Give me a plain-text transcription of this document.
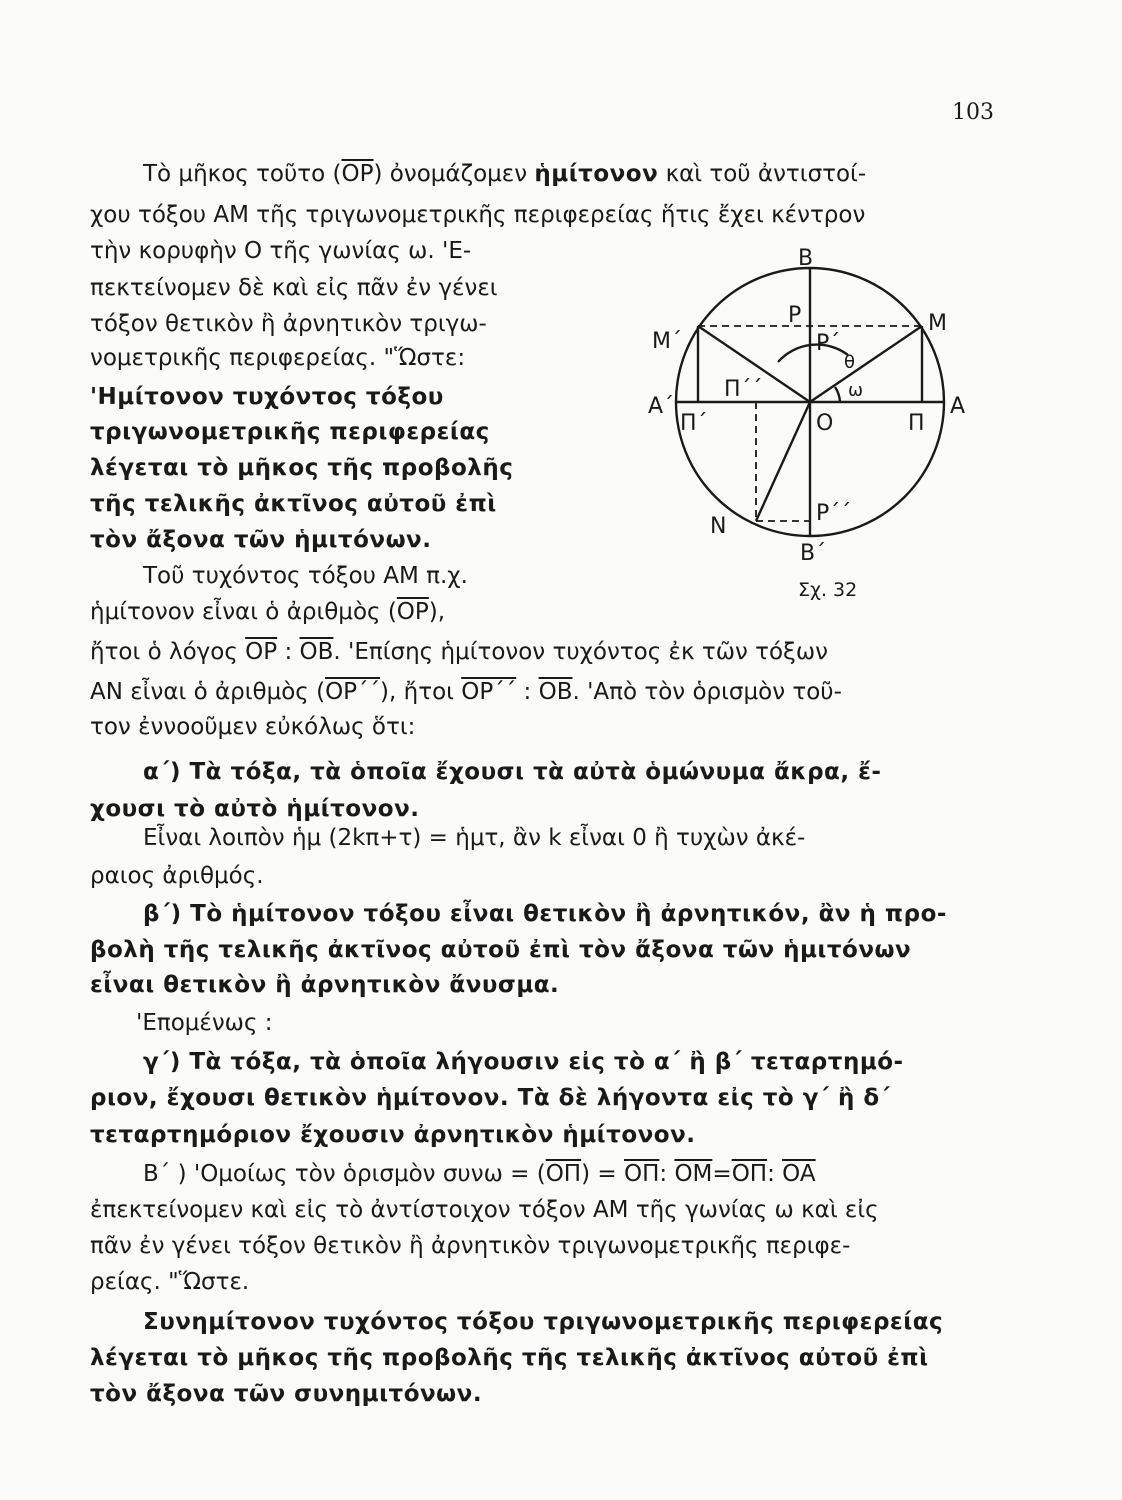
103
Τὸ μῆκος τοῦτο $(\overline{OP})$ ὀνομάζομεν ἡμίτονον καὶ τοῦ ἀντιστοί-
χου τόξου AM τῆς τριγωνομετρικῆς περιφερείας ἥτις ἔχει κέντρον
τὴν κορυφὴν O τῆς γωνίας ω. 'E-
πεκτείνομεν δὲ καὶ εἰς πᾶν ἐν γένει
τόξον θετικὸν ἢ ἀρνητικὸν τριγω-
νομετρικῆς περιφερείας. "Ὥστε:
'Ημίτονον τυχόντος τόξου
τριγωνομετρικῆς περιφερείας
λέγεται τὸ μῆκος τῆς προβολῆς
τῆς τελικῆς ἀκτῖνος αὐτοῦ ἐπὶ
τὸν ἄξονα τῶν ἡμιτόνων.
Τοῦ τυχόντος τόξου AM π.χ.
ἡμίτονον εἶναι ὁ ἀριθμὸς $(\overline{OP})$,
ἤτοι ὁ λόγος $\overline{OP}$ : $\overline{OB}$. 'Επίσης ἡμίτονον τυχόντος ἐκ τῶν τόξων
AN εἶναι ὁ ἀριθμὸς (OP΄΄), ἤτοι OP΄΄ : $\overline{OB}$. 'Aπὸ τὸν ὁρισμὸν τοῦ-
τον ἐννοοῦμεν εὐκόλως ὅτι:
α΄) Τὰ τόξα, τὰ ὁποῖα ἔχουσι τὰ αὐτὰ ὁμώνυμα ἄκρα, ἔ-
χουσι τὸ αὐτὸ ἡμίτονον.
Εἶναι λοιπὸν ἡμ (2kπ+τ) = ἡμτ, ἂν k εἶναι 0 ἢ τυχὼν ἀκέ-
ραιος ἀριθμός.
β΄) Τὸ ἡμίτονον τόξου εἶναι θετικὸν ἢ ἀρνητικόν, ἂν ἡ προ-
βολὴ τῆς τελικῆς ἀκτῖνος αὐτοῦ ἐπὶ τὸν ἄξονα τῶν ἡμιτόνων
εἶναι θετικὸν ἢ ἀρνητικὸν ἄνυσμα.
'Επομένως :
γ΄) Τὰ τόξα, τὰ ὁποῖα λήγουσιν εἰς τὸ α΄ ἢ β΄ τεταρτημό-
ριον, ἔχουσι θετικὸν ἡμίτονον. Τὰ δὲ λήγοντα εἰς τὸ γ΄ ἢ δ΄
τεταρτημόριον ἔχουσιν ἀρνητικὸν ἡμίτονον.
B΄ ) 'Ομοίως τὸν ὁρισμὸν $\sigma\upsilon\nu\omega = (\overline{O\Pi}) = \overline{O\Pi}$: $\overline{OM}=\overline{O\Pi}$: $\overline{OA}$
ἐπεκτείνομεν καὶ εἰς τὸ ἀντίστοιχον τόξον AM τῆς γωνίας ω καὶ εἰς
πᾶν ἐν γένει τόξον θετικὸν ἢ ἀρνητικὸν τριγωνομετρικῆς περιφε-
ρείας. "Ὥστε.
Συνημίτονον τυχόντος τόξου τριγωνομετρικῆς περιφερείας
λέγεται τὸ μῆκος τῆς προβολῆς τῆς τελικῆς ἀκτῖνος αὐτοῦ ἐπὶ
τὸν ἄξονα τῶν συνημιτόνων.
B
B΄
A
A΄
M
M΄
N
P
P΄
P΄΄
O	Π
Π΄
Π΄΄
θ
ω
Σχ. 32
